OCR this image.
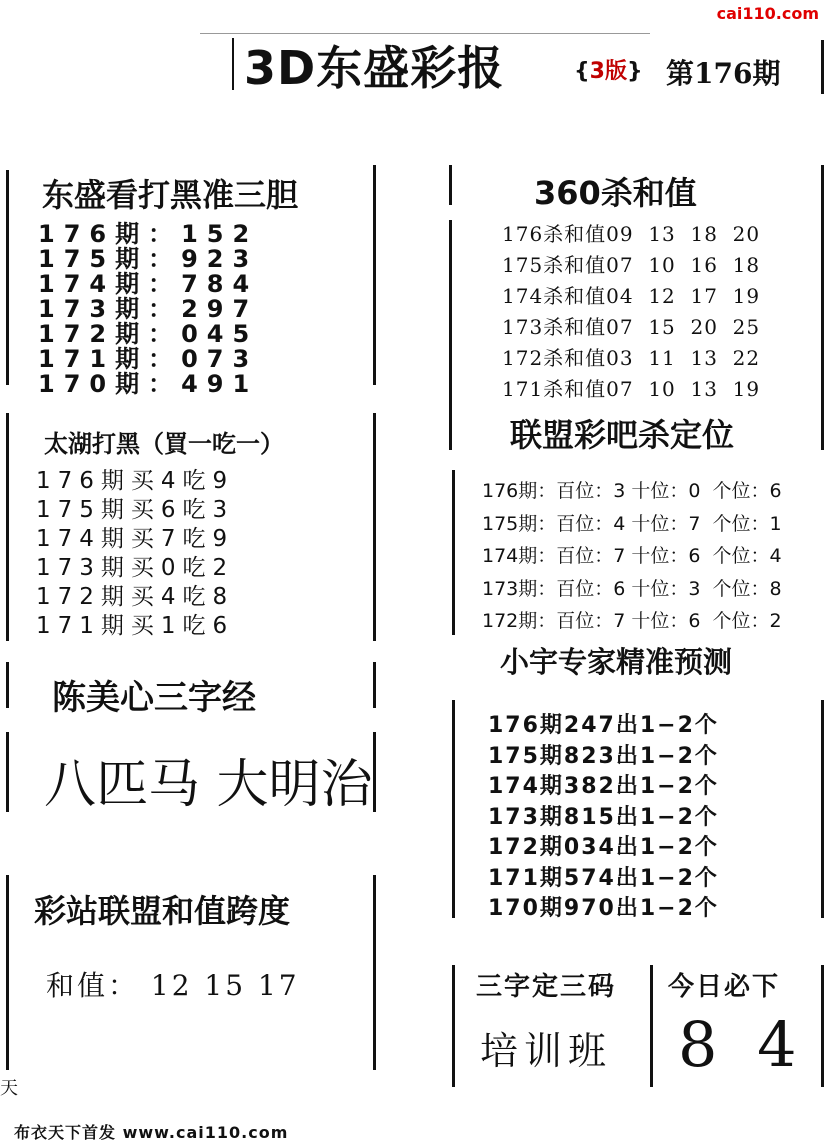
cai110.com
3D东盛彩报	{3版} 第176期
东盛看打黑准三胆
176期：152
175期：923
174期：784
173期：297
172期：045
171期：073
170期：491
太湖打黑（買一吃一）
176期买4吃9
175期买6吃3
174期买7吃9
173期买0吃2
172期买4吃8
171期买1吃6
陈美心三字经
八匹马 大明治
彩站联盟和值跨度
和值： 12 15 17
天
360杀和值
176杀和值09  13  18  20
175杀和值07  10  16  18
174杀和值04  12  17  19
173杀和值07  15  20  25
172杀和值03  11  13  22
171杀和值07  10  13  19
联盟彩吧杀定位
176期：百位：3 十位：0  个位：6
175期：百位：4 十位：7  个位：1
174期：百位：7 十位：6  个位：4
173期：百位：6 十位：3  个位：8
172期：百位：7 十位：6  个位：2
小宇专家精准预测
176期247出1−2个
175期823出1−2个
174期382出1−2个
173期815出1−2个
172期034出1−2个
171期574出1−2个
170期970出1−2个
三字定三码
培训班
今日必下
8 4
布衣天下首发 www.cai110.com
